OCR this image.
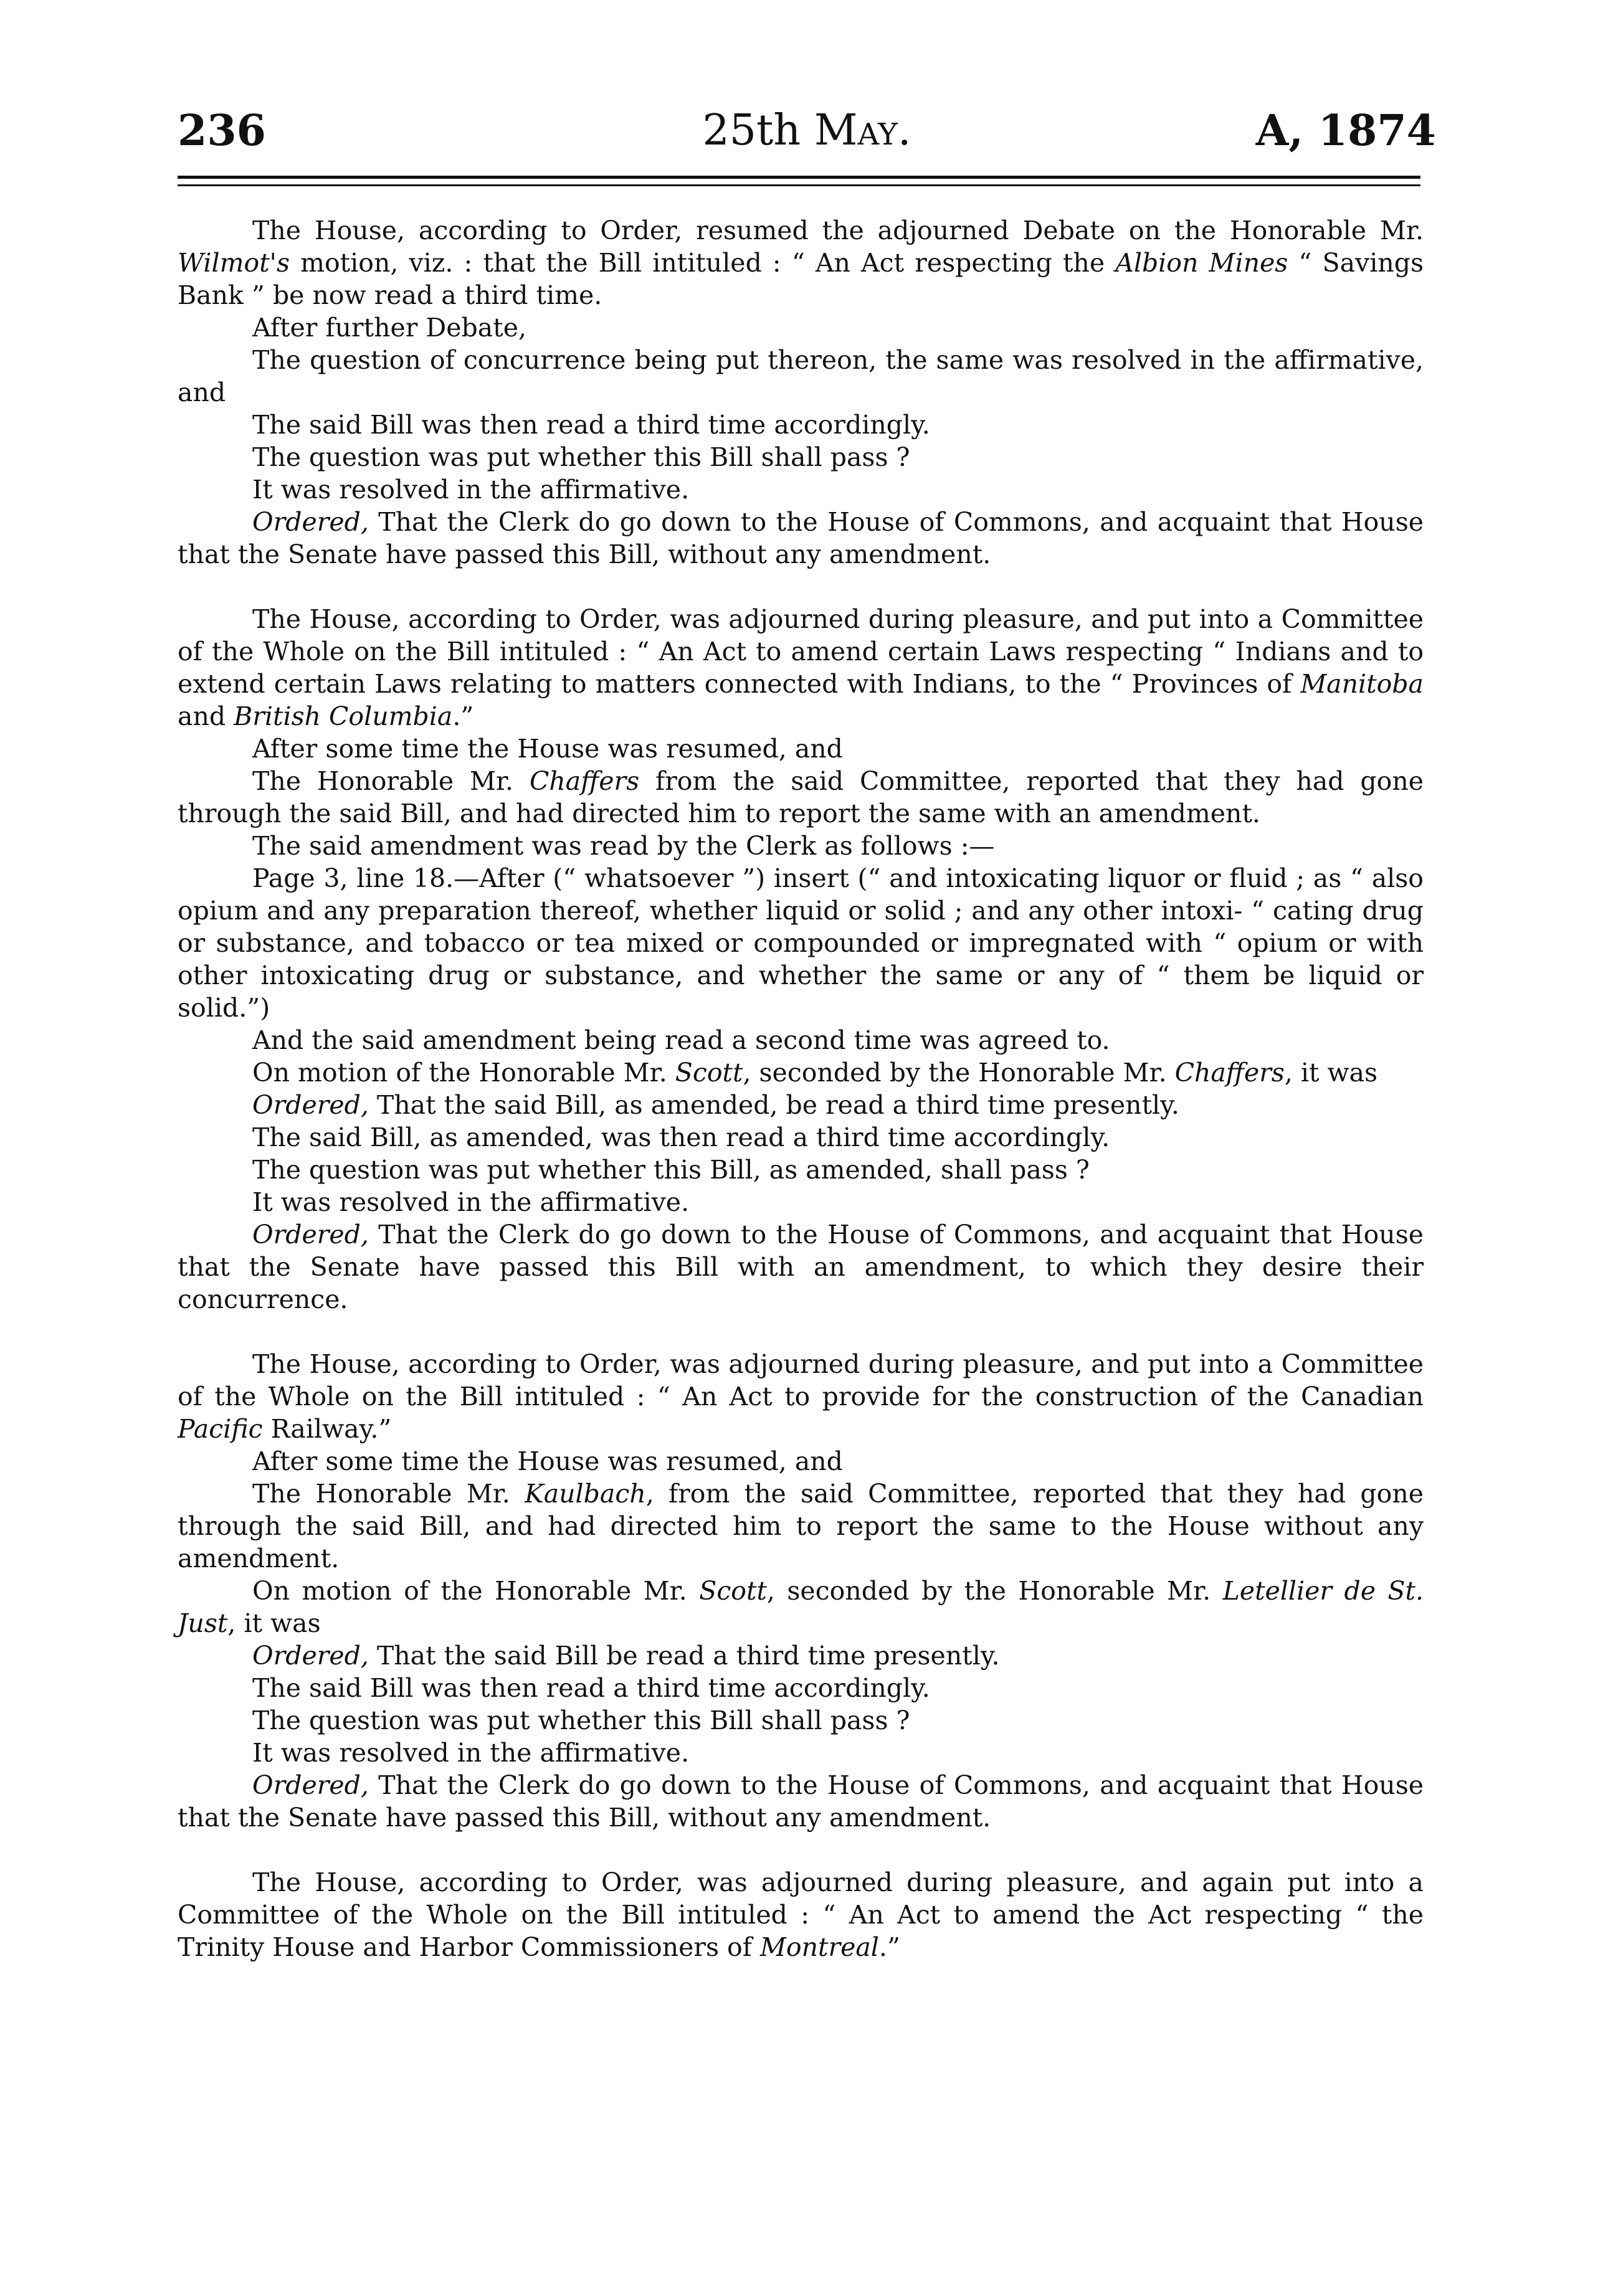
236	25th May.	A, 1874

The House, according to Order, resumed the adjourned Debate on the Honorable Mr. Wilmot's motion, viz. : that the Bill intituled : “ An Act respecting the Albion Mines “ Savings Bank ” be now read a third time.

After further Debate,

The question of concurrence being put thereon, the same was resolved in the affirmative, and

The said Bill was then read a third time accordingly.

The question was put whether this Bill shall pass ?

It was resolved in the affirmative.

Ordered, That the Clerk do go down to the House of Commons, and acquaint that House that the Senate have passed this Bill, without any amendment.

The House, according to Order, was adjourned during pleasure, and put into a Committee of the Whole on the Bill intituled : “ An Act to amend certain Laws respecting “ Indians and to extend certain Laws relating to matters connected with Indians, to the “ Provinces of Manitoba and British Columbia.”

After some time the House was resumed, and

The Honorable Mr. Chaffers from the said Committee, reported that they had gone through the said Bill, and had directed him to report the same with an amendment.

The said amendment was read by the Clerk as follows :—

Page 3, line 18.—After (“ whatsoever ”) insert (“ and intoxicating liquor or fluid ; as “ also opium and any preparation thereof, whether liquid or solid ; and any other intoxi- “ cating drug or substance, and tobacco or tea mixed or compounded or impregnated with “ opium or with other intoxicating drug or substance, and whether the same or any of “ them be liquid or solid.”)

And the said amendment being read a second time was agreed to.

On motion of the Honorable Mr. Scott, seconded by the Honorable Mr. Chaffers, it was

Ordered, That the said Bill, as amended, be read a third time presently.

The said Bill, as amended, was then read a third time accordingly.

The question was put whether this Bill, as amended, shall pass ?

It was resolved in the affirmative.

Ordered, That the Clerk do go down to the House of Commons, and acquaint that House that the Senate have passed this Bill with an amendment, to which they desire their concurrence.

The House, according to Order, was adjourned during pleasure, and put into a Committee of the Whole on the Bill intituled : “ An Act to provide for the construction of the Canadian Pacific Railway.”

After some time the House was resumed, and

The Honorable Mr. Kaulbach, from the said Committee, reported that they had gone through the said Bill, and had directed him to report the same to the House without any amendment.

On motion of the Honorable Mr. Scott, seconded by the Honorable Mr. Letellier de St. Just, it was

Ordered, That the said Bill be read a third time presently.

The said Bill was then read a third time accordingly.

The question was put whether this Bill shall pass ?

It was resolved in the affirmative.

Ordered, That the Clerk do go down to the House of Commons, and acquaint that House that the Senate have passed this Bill, without any amendment.

The House, according to Order, was adjourned during pleasure, and again put into a Committee of the Whole on the Bill intituled : “ An Act to amend the Act respecting “ the Trinity House and Harbor Commissioners of Montreal.”
